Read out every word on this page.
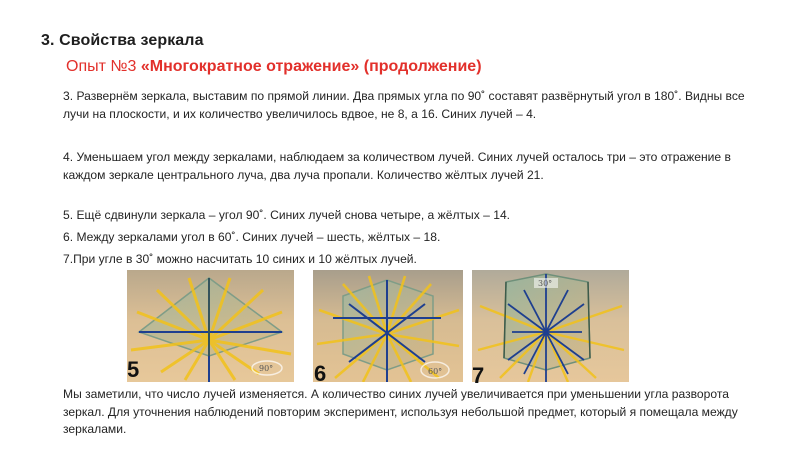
3. Свойства зеркала
Опыт №3 «Многократное отражение» (продолжение)
3. Развернём зеркала, выставим по прямой линии. Два прямых угла по 90˚ составят развёрнутый угол в 180˚. Видны все лучи на плоскости, и их количество увеличилось вдвое, не 8, а 16. Синих лучей – 4.
4. Уменьшаем угол между зеркалами, наблюдаем за количеством лучей. Синих лучей осталось три – это отражение в каждом зеркале центрального луча, два луча пропали. Количество жёлтых лучей 21.
5. Ещё сдвинули зеркала – угол 90˚. Синих лучей снова четыре, а жёлтых – 14.
6. Между зеркалами угол в 60˚. Синих лучей – шесть, жёлтых – 18.
7.При угле в 30˚ можно насчитать 10 синих и 10 жёлтых лучей.
90°
5	60°
6
30°
7
Мы заметили, что число лучей изменяется. А количество синих лучей увеличивается при уменьшении угла разворота зеркал. Для уточнения наблюдений повторим эксперимент, используя небольшой предмет, который я помещала между зеркалами.
